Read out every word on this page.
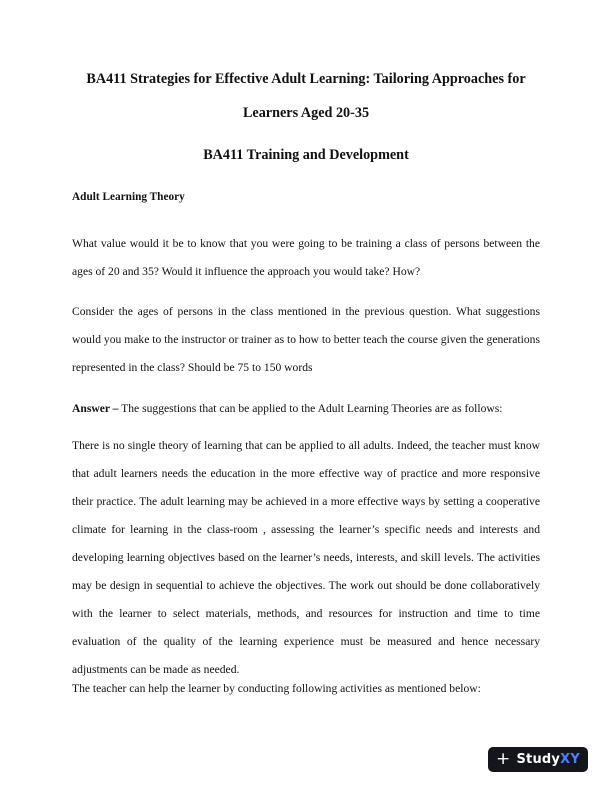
BA411 Strategies for Effective Adult Learning: Tailoring Approaches for

Learners Aged 20-35

BA411 Training and Development

Adult Learning Theory

What value would it be to know that you were going to be training a class of persons between the ages of 20 and 35? Would it influence the approach you would take? How?

Consider the ages of persons in the class mentioned in the previous question. What suggestions would you make to the instructor or trainer as to how to better teach the course given the generations represented in the class? Should be 75 to 150 words

Answer – The suggestions that can be applied to the Adult Learning Theories are as follows:

There is no single theory of learning that can be applied to all adults. Indeed, the teacher must know that adult learners needs the education in the more effective way of practice and more responsive their practice. The adult learning may be achieved in a more effective ways by setting a cooperative climate for learning in the class-room , assessing the learner’s specific needs and interests and developing learning objectives based on the learner’s needs, interests, and skill levels. The activities may be design in sequential to achieve the objectives. The work out should be done collaboratively with the learner to select materials, methods, and resources for instruction and time to time evaluation of the quality of the learning experience must be measured and hence necessary adjustments can be made as needed.

The teacher can help the learner by conducting following activities as mentioned below:

+ Study XY
